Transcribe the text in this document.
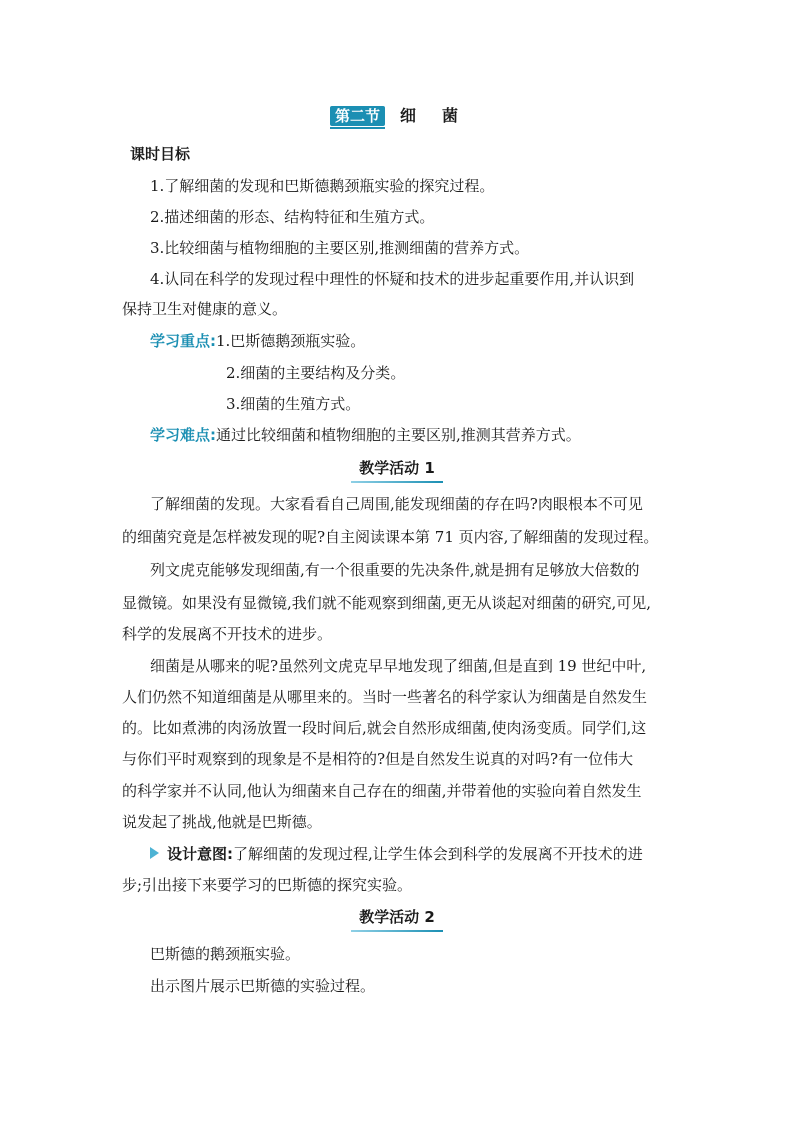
第二节	细菌
课时目标
1.了解细菌的发现和巴斯德鹅颈瓶实验的探究过程。
2.描述细菌的形态、结构特征和生殖方式。
3.比较细菌与植物细胞的主要区别,推测细菌的营养方式。
4.认同在科学的发现过程中理性的怀疑和技术的进步起重要作用,并认识到
保持卫生对健康的意义。
学习重点:1.巴斯德鹅颈瓶实验。
2.细菌的主要结构及分类。
3.细菌的生殖方式。
学习难点:通过比较细菌和植物细胞的主要区别,推测其营养方式。
教学活动 1
了解细菌的发现。大家看看自己周围,能发现细菌的存在吗?肉眼根本不可见
的细菌究竟是怎样被发现的呢?自主阅读课本第 71 页内容,了解细菌的发现过程。
列文虎克能够发现细菌,有一个很重要的先决条件,就是拥有足够放大倍数的
显微镜。如果没有显微镜,我们就不能观察到细菌,更无从谈起对细菌的研究,可见,
科学的发展离不开技术的进步。
细菌是从哪来的呢?虽然列文虎克早早地发现了细菌,但是直到 19 世纪中叶,
人们仍然不知道细菌是从哪里来的。当时一些著名的科学家认为细菌是自然发生
的。比如煮沸的肉汤放置一段时间后,就会自然形成细菌,使肉汤变质。同学们,这
与你们平时观察到的现象是不是相符的?但是自然发生说真的对吗?有一位伟大
的科学家并不认同,他认为细菌来自己存在的细菌,并带着他的实验向着自然发生
说发起了挑战,他就是巴斯德。
设计意图:了解细菌的发现过程,让学生体会到科学的发展离不开技术的进
步;引出接下来要学习的巴斯德的探究实验。
教学活动 2
巴斯德的鹅颈瓶实验。
出示图片展示巴斯德的实验过程。
